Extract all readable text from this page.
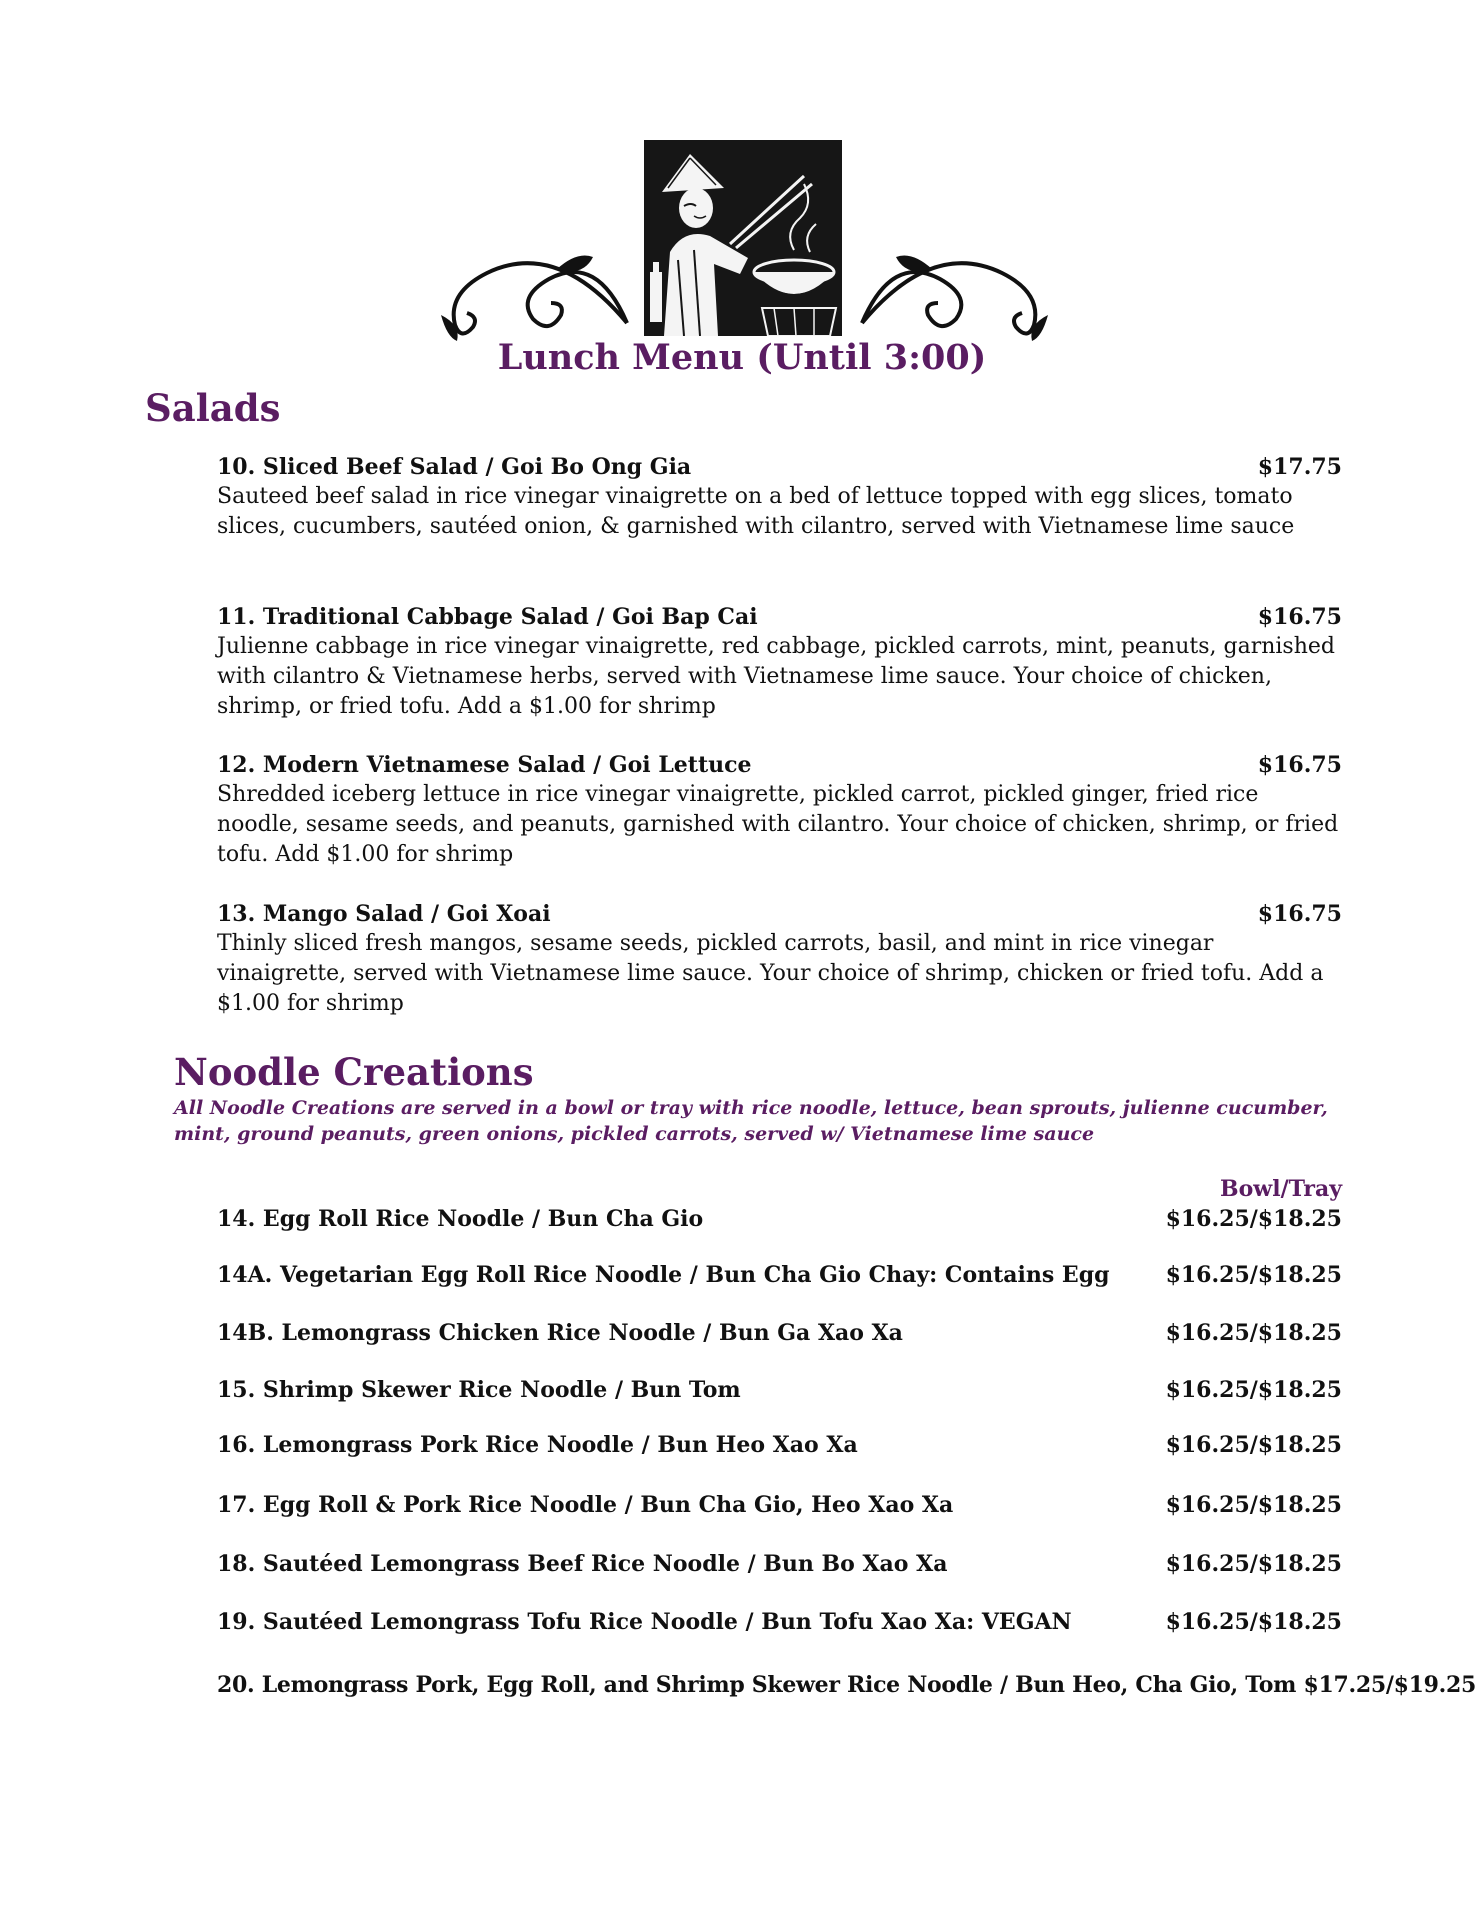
Lunch Menu (Until 3:00)
Salads
10. Sliced Beef Salad / Goi Bo Ong Gia	$17.75

Sauteed beef salad in rice vinegar vinaigrette on a bed of lettuce topped with egg slices, tomato slices, cucumbers, sautéed onion, & garnished with cilantro, served with Vietnamese lime sauce

11. Traditional Cabbage Salad / Goi Bap Cai	$16.75

Julienne cabbage in rice vinegar vinaigrette, red cabbage, pickled carrots, mint, peanuts, garnished with cilantro & Vietnamese herbs, served with Vietnamese lime sauce. Your choice of chicken, shrimp, or fried tofu. Add a $1.00 for shrimp

12. Modern Vietnamese Salad / Goi Lettuce	$16.75

Shredded iceberg lettuce in rice vinegar vinaigrette, pickled carrot, pickled ginger, fried rice noodle, sesame seeds, and peanuts, garnished with cilantro. Your choice of chicken, shrimp, or fried tofu. Add $1.00 for shrimp

13. Mango Salad / Goi Xoai	$16.75

Thinly sliced fresh mangos, sesame seeds, pickled carrots, basil, and mint in rice vinegar vinaigrette, served with Vietnamese lime sauce. Your choice of shrimp, chicken or fried tofu. Add a $1.00 for shrimp

Noodle Creations

All Noodle Creations are served in a bowl or tray with rice noodle, lettuce, bean sprouts, julienne cucumber, mint, ground peanuts, green onions, pickled carrots, served w/ Vietnamese lime sauce

Bowl/Tray
14. Egg Roll Rice Noodle / Bun Cha Gio	$16.25/$18.25
14A. Vegetarian Egg Roll Rice Noodle / Bun Cha Gio Chay: Contains Egg	$16.25/$18.25
14B. Lemongrass Chicken Rice Noodle / Bun Ga Xao Xa	$16.25/$18.25
15. Shrimp Skewer Rice Noodle / Bun Tom	$16.25/$18.25
16. Lemongrass Pork Rice Noodle / Bun Heo Xao Xa	$16.25/$18.25
17. Egg Roll & Pork Rice Noodle / Bun Cha Gio, Heo Xao Xa	$16.25/$18.25
18. Sautéed Lemongrass Beef Rice Noodle / Bun Bo Xao Xa	$16.25/$18.25
19. Sautéed Lemongrass Tofu Rice Noodle / Bun Tofu Xao Xa: VEGAN	$16.25/$18.25
20. Lemongrass Pork, Egg Roll, and Shrimp Skewer Rice Noodle / Bun Heo, Cha Gio, Tom $17.25/$19.25
